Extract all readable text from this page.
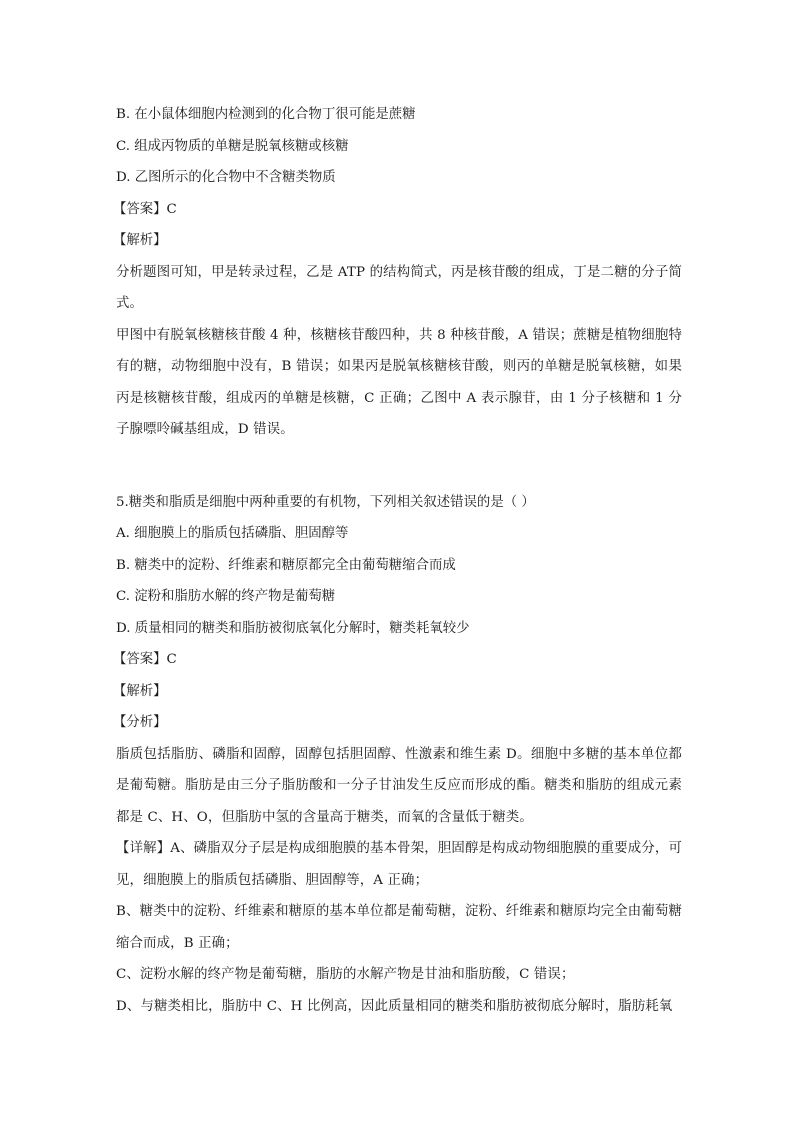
B. 在小鼠体细胞内检测到的化合物丁很可能是蔗糖
C. 组成丙物质的单糖是脱氧核糖或核糖
D. 乙图所示的化合物中不含糖类物质
【答案】C
【解析】
分析题图可知，甲是转录过程，乙是 ATP 的结构简式，丙是核苷酸的组成，丁是二糖的分子简式。
甲图中有脱氧核糖核苷酸 4 种，核糖核苷酸四种，共 8 种核苷酸，A 错误；蔗糖是植物细胞特有的糖，动物细胞中没有，B 错误；如果丙是脱氧核糖核苷酸，则丙的单糖是脱氧核糖，如果丙是核糖核苷酸，组成丙的单糖是核糖，C 正确；乙图中 A 表示腺苷，由 1 分子核糖和 1 分子腺嘌呤碱基组成，D 错误。
5.糖类和脂质是细胞中两种重要的有机物，下列相关叙述错误的是（ ）
A. 细胞膜上的脂质包括磷脂、胆固醇等
B. 糖类中的淀粉、纤维素和糖原都完全由葡萄糖缩合而成
C. 淀粉和脂肪水解的终产物是葡萄糖
D. 质量相同的糖类和脂肪被彻底氧化分解时，糖类耗氧较少
【答案】C
【解析】
【分析】
脂质包括脂肪、磷脂和固醇，固醇包括胆固醇、性激素和维生素 D。细胞中多糖的基本单位都是葡萄糖。脂肪是由三分子脂肪酸和一分子甘油发生反应而形成的酯。糖类和脂肪的组成元素都是 C、H、O，但脂肪中氢的含量高于糖类，而氧的含量低于糖类。
【详解】A、磷脂双分子层是构成细胞膜的基本骨架，胆固醇是构成动物细胞膜的重要成分，可见，细胞膜上的脂质包括磷脂、胆固醇等，A 正确；
B、糖类中的淀粉、纤维素和糖原的基本单位都是葡萄糖，淀粉、纤维素和糖原均完全由葡萄糖缩合而成，B 正确；
C、淀粉水解的终产物是葡萄糖，脂肪的水解产物是甘油和脂肪酸，C 错误；
D、与糖类相比，脂肪中 C、H 比例高，因此质量相同的糖类和脂肪被彻底分解时，脂肪耗氧
